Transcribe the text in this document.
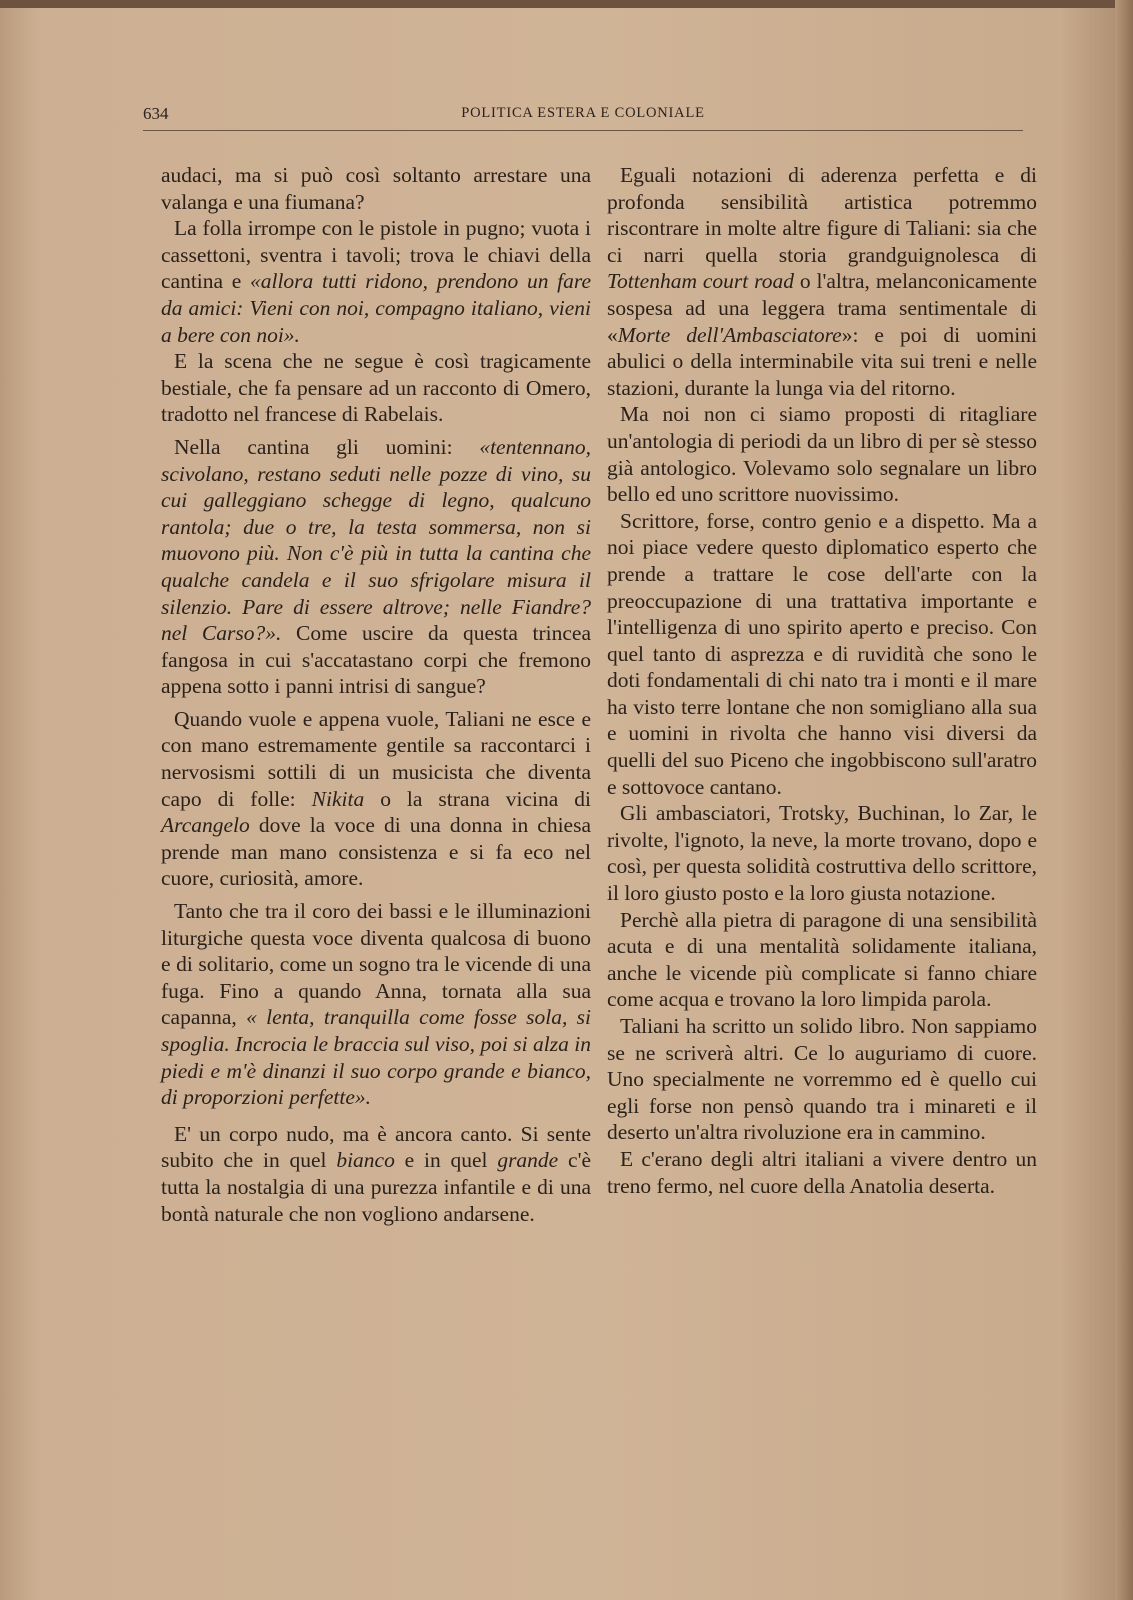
634	POLITICA ESTERA E COLONIALE

audaci, ma si può così soltanto arrestare una valanga e una fiumana?

La folla irrompe con le pistole in pugno; vuota i cassettoni, sventra i tavoli; trova le chiavi della cantina e «allora tutti ridono, prendono un fare da amici: Vieni con noi, compagno italiano, vieni a bere con noi».

E la scena che ne segue è così tragicamente bestiale, che fa pensare ad un racconto di Omero, tradotto nel francese di Rabelais.

Nella cantina gli uomini: «tentennano, scivolano, restano seduti nelle pozze di vino, su cui galleggiano schegge di legno, qualcuno rantola; due o tre, la testa sommersa, non si muovono più. Non c'è più in tutta la cantina che qualche candela e il suo sfrigolare misura il silenzio. Pare di essere altrove; nelle Fiandre? nel Carso?». Come uscire da questa trincea fangosa in cui s'accatastano corpi che fremono appena sotto i panni intrisi di sangue?

Quando vuole e appena vuole, Taliani ne esce e con mano estremamente gentile sa raccontarci i nervosismi sottili di un musicista che diventa capo di folle: Nikita o la strana vicina di Arcangelo dove la voce di una donna in chiesa prende man mano consistenza e si fa eco nel cuore, curiosità, amore.

Tanto che tra il coro dei bassi e le illuminazioni liturgiche questa voce diventa qualcosa di buono e di solitario, come un sogno tra le vicende di una fuga. Fino a quando Anna, tornata alla sua capanna, « lenta, tranquilla come fosse sola, si spoglia. Incrocia le braccia sul viso, poi si alza in piedi e m'è dinanzi il suo corpo grande e bianco, di proporzioni perfette».

E' un corpo nudo, ma è ancora canto. Si sente subito che in quel bianco e in quel grande c'è tutta la nostalgia di una purezza infantile e di una bontà naturale che non vogliono andarsene.

Eguali notazioni di aderenza perfetta e di profonda sensibilità artistica potremmo riscontrare in molte altre figure di Taliani: sia che ci narri quella storia grandguignolesca di Tottenham court road o l'altra, melanconicamente sospesa ad una leggera trama sentimentale di «Morte dell'Ambasciatore»: e poi di uomini abulici o della interminabile vita sui treni e nelle stazioni, durante la lunga via del ritorno.

Ma noi non ci siamo proposti di ritagliare un'antologia di periodi da un libro di per sè stesso già antologico. Volevamo solo segnalare un libro bello ed uno scrittore nuovissimo.

Scrittore, forse, contro genio e a dispetto. Ma a noi piace vedere questo diplomatico esperto che prende a trattare le cose dell'arte con la preoccupazione di una trattativa importante e l'intelligenza di uno spirito aperto e preciso. Con quel tanto di asprezza e di ruvidità che sono le doti fondamentali di chi nato tra i monti e il mare ha visto terre lontane che non somigliano alla sua e uomini in rivolta che hanno visi diversi da quelli del suo Piceno che ingobbiscono sull'aratro e sottovoce cantano.

Gli ambasciatori, Trotsky, Buchinan, lo Zar, le rivolte, l'ignoto, la neve, la morte trovano, dopo e così, per questa solidità costruttiva dello scrittore, il loro giusto posto e la loro giusta notazione.

Perchè alla pietra di paragone di una sensibilità acuta e di una mentalità solidamente italiana, anche le vicende più complicate si fanno chiare come acqua e trovano la loro limpida parola.

Taliani ha scritto un solido libro. Non sappiamo se ne scriverà altri. Ce lo auguriamo di cuore. Uno specialmente ne vorremmo ed è quello cui egli forse non pensò quando tra i minareti e il deserto un'altra rivoluzione era in cammino.

E c'erano degli altri italiani a vivere dentro un treno fermo, nel cuore della Anatolia deserta.
